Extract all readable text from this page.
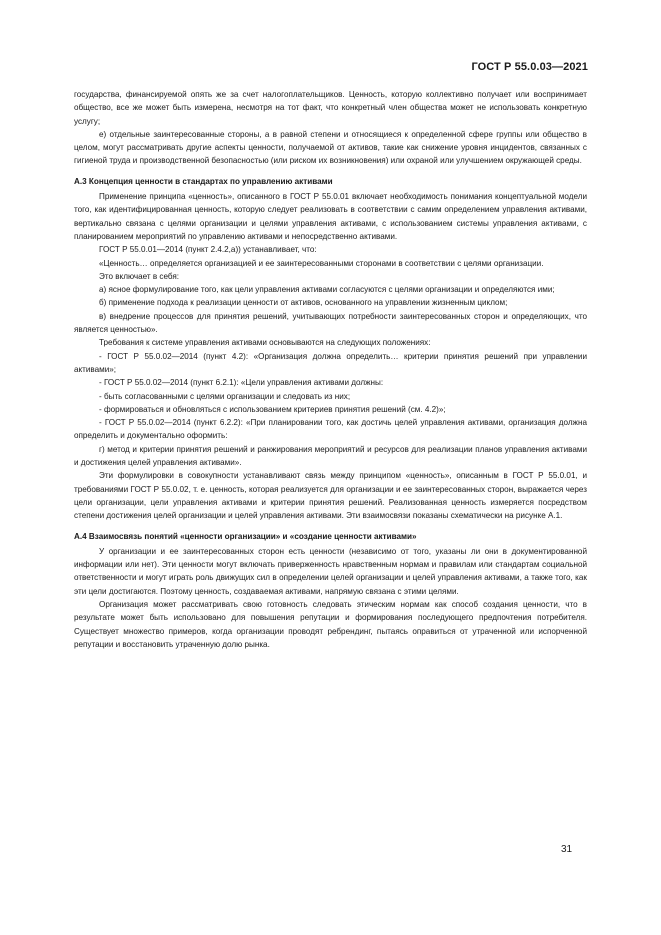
ГОСТ Р 55.0.03—2021

государства, финансируемой опять же за счет налогоплательщиков. Ценность, которую коллективно получает или воспринимает общество, все же может быть измерена, несмотря на тот факт, что конкретный член общества может не использовать конкретную услугу;

е) отдельные заинтересованные стороны, а в равной степени и относящиеся к определенной сфере группы или общество в целом, могут рассматривать другие аспекты ценности, получаемой от активов, такие как снижение уровня инцидентов, связанных с гигиеной труда и производственной безопасностью (или риском их возникновения) или охраной или улучшением окружающей среды.

А.3 Концепция ценности в стандартах по управлению активами

Применение принципа «ценность», описанного в ГОСТ Р 55.0.01 включает необходимость понимания концептуальной модели того, как идентифицированная ценность, которую следует реализовать в соответствии с самим определением управления активами, вертикально связана с целями организации и целями управления активами, с использованием системы управления активами, с планированием мероприятий по управлению активами и непосредственно активами.

ГОСТ Р 55.0.01—2014 (пункт 2.4.2,а)) устанавливает, что:

«Ценность… определяется организацией и ее заинтересованными сторонами в соответствии с целями организации.

Это включает в себя:

а) ясное формулирование того, как цели управления активами согласуются с целями организации и определяются ими;

б) применение подхода к реализации ценности от активов, основанного на управлении жизненным циклом;

в) внедрение процессов для принятия решений, учитывающих потребности заинтересованных сторон и определяющих, что является ценностью».

Требования к системе управления активами основываются на следующих положениях:

- ГОСТ Р 55.0.02—2014 (пункт 4.2): «Организация должна определить… критерии принятия решений при управлении активами»;

- ГОСТ Р 55.0.02—2014 (пункт 6.2.1): «Цели управления активами должны:

- быть согласованными с целями организации и следовать из них;

- формироваться и обновляться с использованием критериев принятия решений (см. 4.2)»;

- ГОСТ Р 55.0.02—2014 (пункт 6.2.2): «При планировании того, как достичь целей управления активами, организация должна определить и документально оформить:

г) метод и критерии принятия решений и ранжирования мероприятий и ресурсов для реализации планов управления активами и достижения целей управления активами».

Эти формулировки в совокупности устанавливают связь между принципом «ценность», описанным в ГОСТ Р 55.0.01, и требованиями ГОСТ Р 55.0.02, т. е. ценность, которая реализуется для организации и ее заинтересованных сторон, выражается через цели организации, цели управления активами и критерии принятия решений. Реализованная ценность измеряется посредством степени достижения целей организации и целей управления активами. Эти взаимосвязи показаны схематически на рисунке А.1.

А.4 Взаимосвязь понятий «ценности организации» и «создание ценности активами»

У организации и ее заинтересованных сторон есть ценности (независимо от того, указаны ли они в документированной информации или нет). Эти ценности могут включать приверженность нравственным нормам и правилам или стандартам социальной ответственности и могут играть роль движущих сил в определении целей организации и целей управления активами, а также того, как эти цели достигаются. Поэтому ценность, создаваемая активами, напрямую связана с этими целями.

Организация может рассматривать свою готовность следовать этическим нормам как способ создания ценности, что в результате может быть использовано для повышения репутации и формирования последующего предпочтения потребителя. Существует множество примеров, когда организации проводят ребрендинг, пытаясь оправиться от утраченной или испорченной репутации и восстановить утраченную долю рынка.

31
